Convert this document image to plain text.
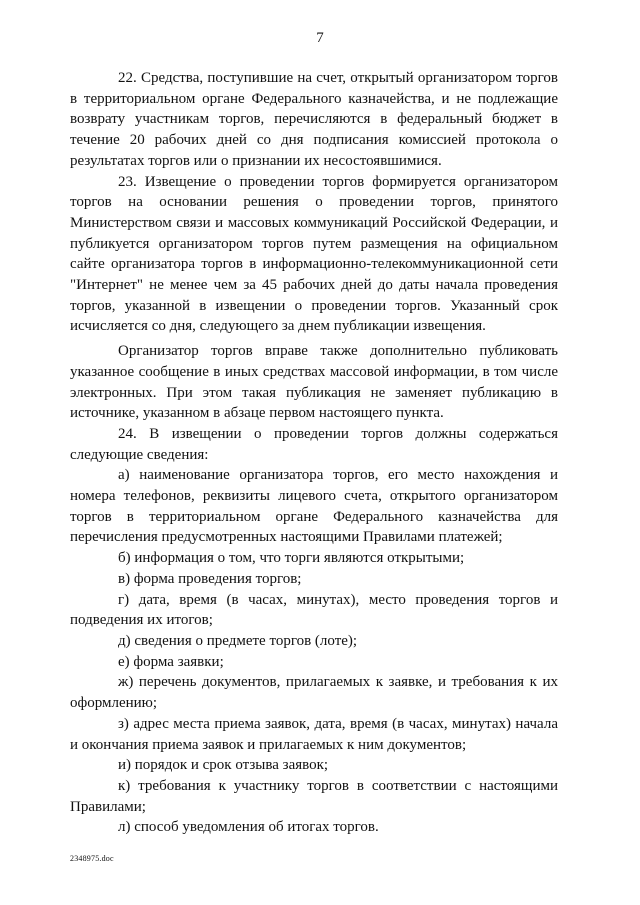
7

22. Средства, поступившие на счет, открытый организатором торгов в территориальном органе Федерального казначейства, и не подлежащие возврату участникам торгов, перечисляются в федеральный бюджет в течение 20 рабочих дней со дня подписания комиссией протокола о результатах торгов или о признании их несостоявшимися.

23. Извещение о проведении торгов формируется организатором торгов на основании решения о проведении торгов, принятого Министерством связи и массовых коммуникаций Российской Федерации, и публикуется организатором торгов путем размещения на официальном сайте организатора торгов в информационно-телекоммуникационной сети "Интернет" не менее чем за 45 рабочих дней до даты начала проведения торгов, указанной в извещении о проведении торгов. Указанный срок исчисляется со дня, следующего за днем публикации извещения.

Организатор торгов вправе также дополнительно публиковать указанное сообщение в иных средствах массовой информации, в том числе электронных. При этом такая публикация не заменяет публикацию в источнике, указанном в абзаце первом настоящего пункта.

24. В извещении о проведении торгов должны содержаться следующие сведения:

а) наименование организатора торгов, его место нахождения и номера телефонов, реквизиты лицевого счета, открытого организатором торгов в территориальном органе Федерального казначейства для перечисления предусмотренных настоящими Правилами платежей;

б) информация о том, что торги являются открытыми;

в) форма проведения торгов;

г) дата, время (в часах, минутах), место проведения торгов и подведения их итогов;

д) сведения о предмете торгов (лоте);

е) форма заявки;

ж) перечень документов, прилагаемых к заявке, и требования к их оформлению;

з) адрес места приема заявок, дата, время (в часах, минутах) начала и окончания приема заявок и прилагаемых к ним документов;

и) порядок и срок отзыва заявок;

к) требования к участнику торгов в соответствии с настоящими Правилами;

л) способ уведомления об итогах торгов.

2348975.doc
